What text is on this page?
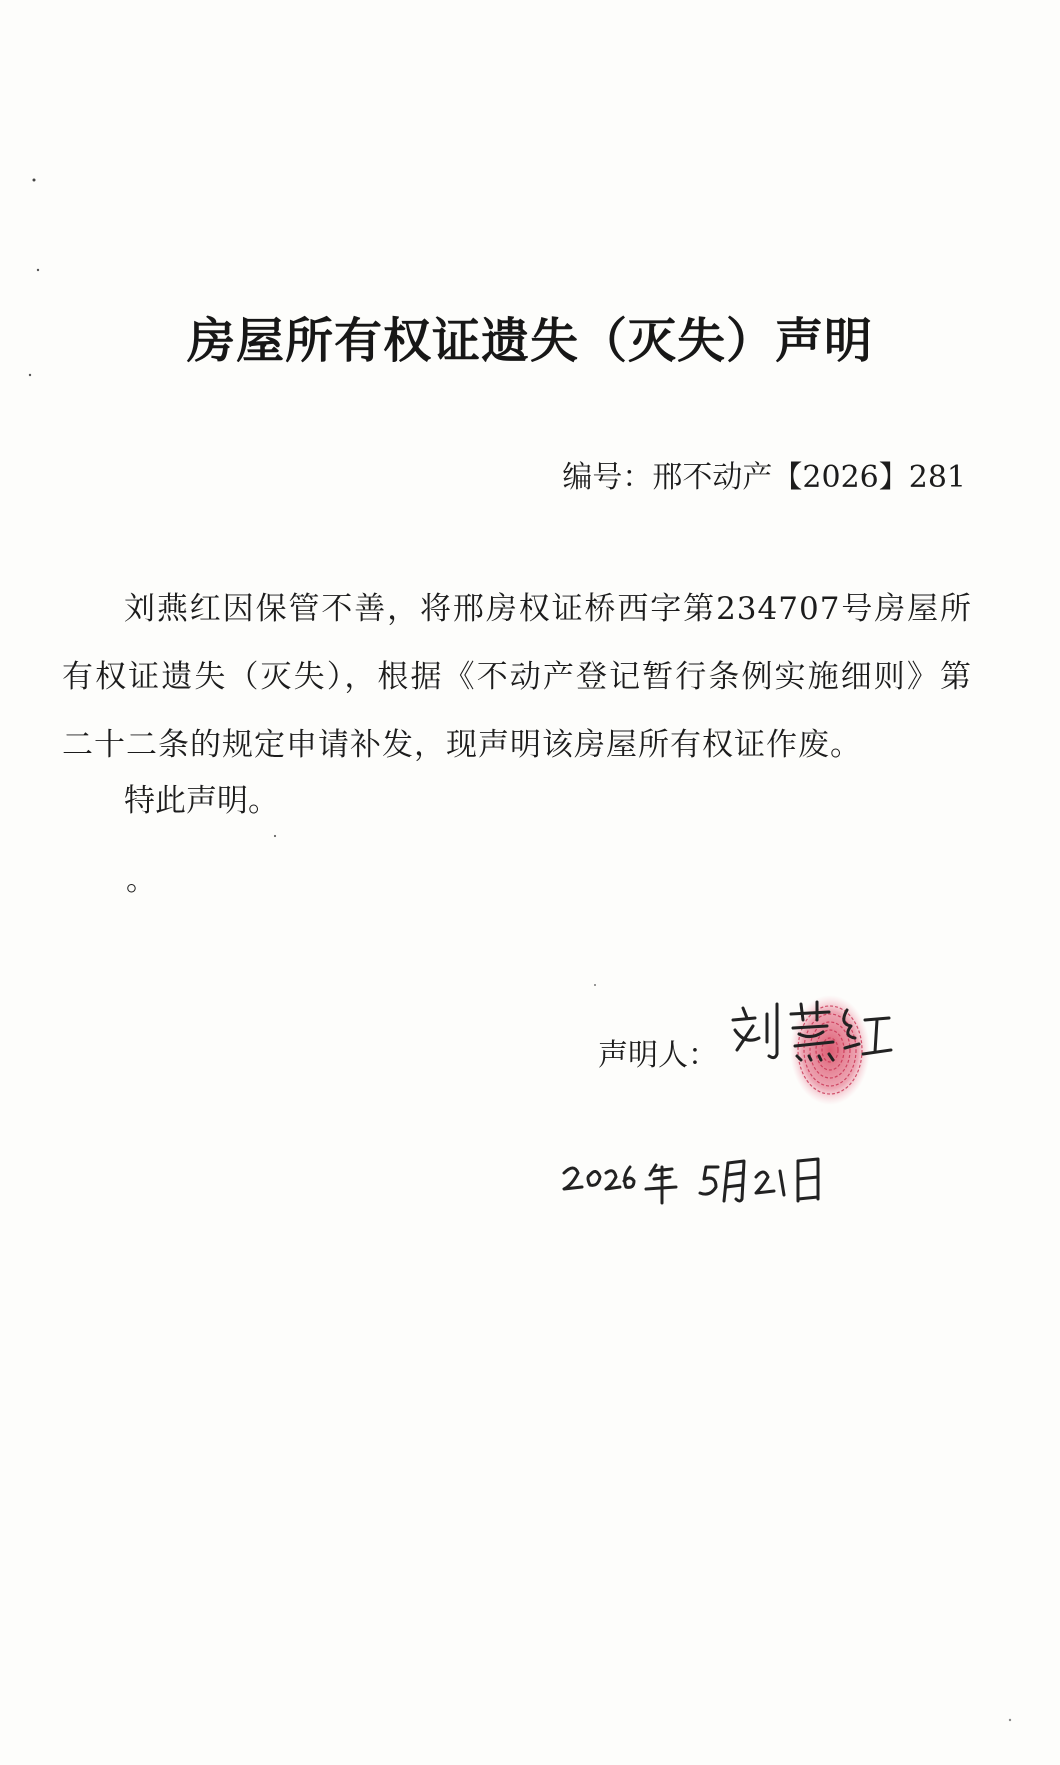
房屋所有权证遗失（灭失）声明
编号：邢不动产【2026】281

刘燕红因保管不善，将邢房权证桥西字第234707号房屋所有权证遗失（灭失），根据《不动产登记暂行条例实施细则》第二十二条的规定申请补发，现声明该房屋所有权证作废。

特此声明。
。
声明人：
